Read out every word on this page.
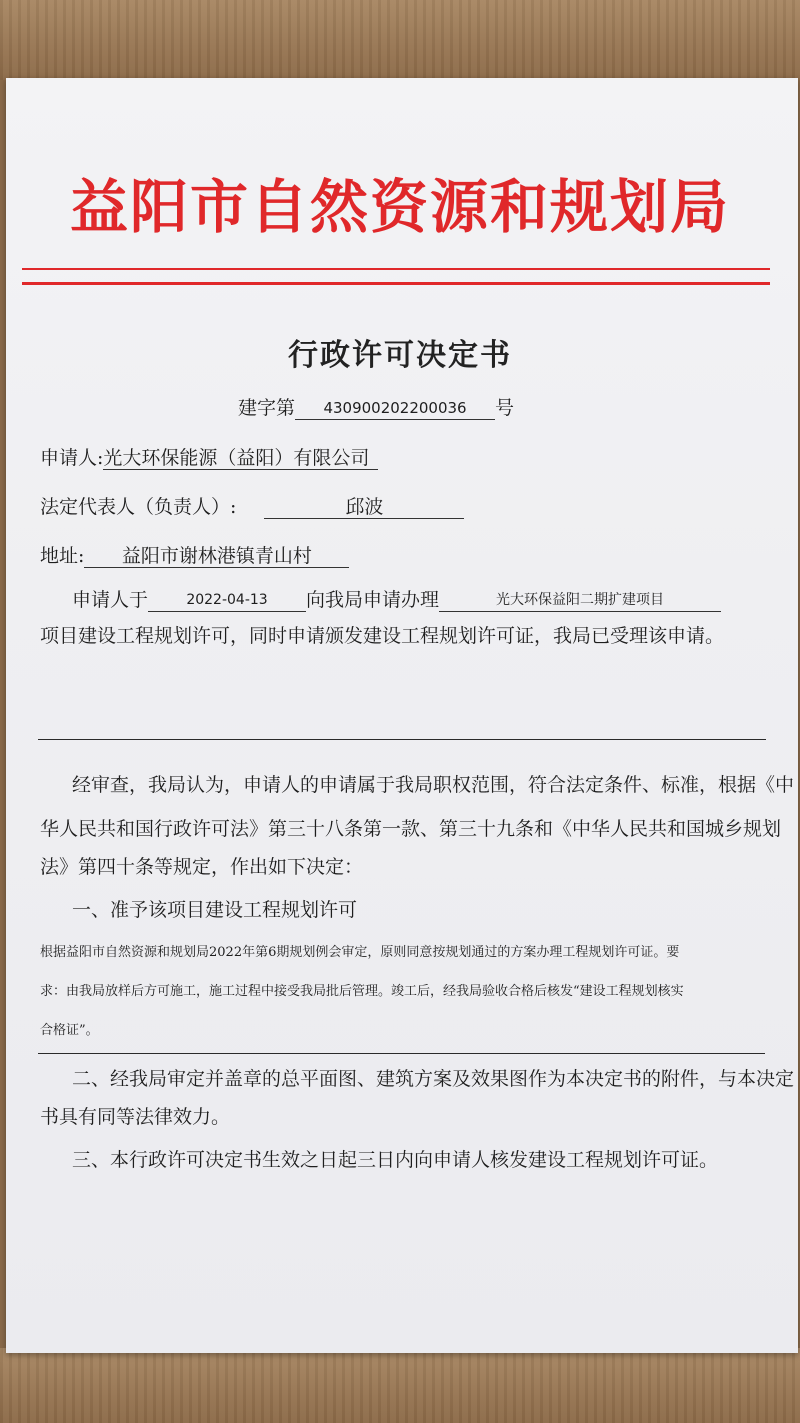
益阳市自然资源和规划局
行政许可决定书
建字第 430900202200036 号
申请人:光大环保能源（益阳）有限公司
法定代表人（负责人）:	邱波
地址: 益阳市谢林港镇青山村
申请人于	2022-04-13 向我局申请办理	光大环保益阳二期扩建项目
项目建设工程规划许可，同时申请颁发建设工程规划许可证，我局已受理该申请。
经审查，我局认为，申请人的申请属于我局职权范围，符合法定条件、标准，根据《中
华人民共和国行政许可法》第三十八条第一款、第三十九条和《中华人民共和国城乡规划
法》第四十条等规定，作出如下决定：
一、准予该项目建设工程规划许可
根据益阳市自然资源和规划局2022年第6期规划例会审定，原则同意按规划通过的方案办理工程规划许可证。要
求：由我局放样后方可施工，施工过程中接受我局批后管理。竣工后，经我局验收合格后核发“建设工程规划核实
合格证”。
二、经我局审定并盖章的总平面图、建筑方案及效果图作为本决定书的附件，与本决定
书具有同等法律效力。
三、本行政许可决定书生效之日起三日内向申请人核发建设工程规划许可证。
